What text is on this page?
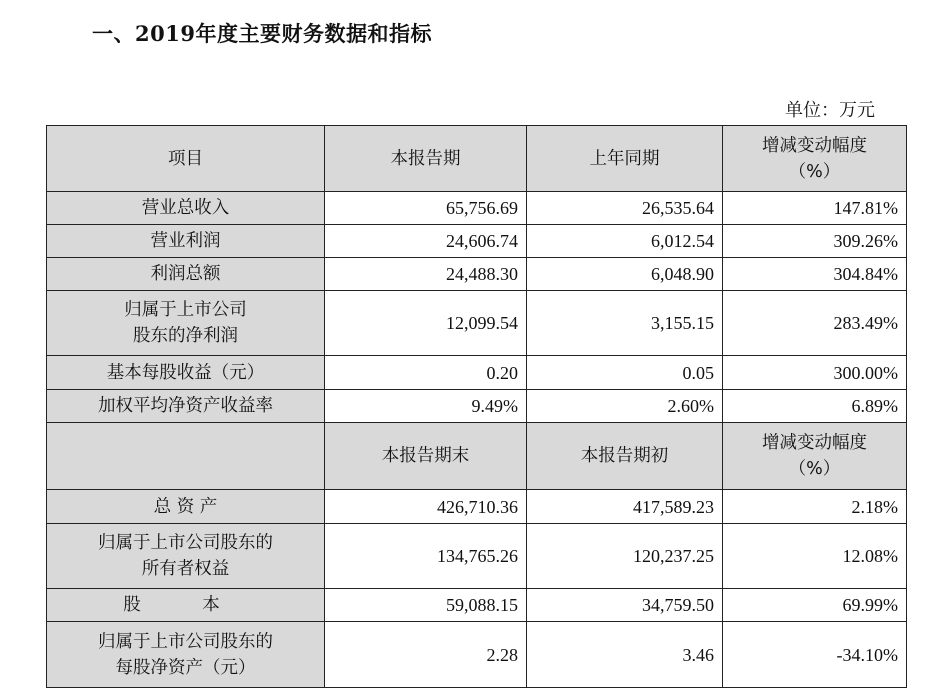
一、2019年度主要财务数据和指标
单位：万元
项目	本报告期	上年同期	增减变动幅度
（%）

营业总收入	65,756.69	26,535.64	147.81%
营业利润	24,606.74	6,012.54	309.26%
利润总额	24,488.30	6,048.90	304.84%

归属于上市公司
股东的净利润	12,099.54	3,155.15	283.49%
基本每股收益（元）	0.20	0.05	300.00%
加权平均净资产收益率	9.49%	2.60%	6.89%
	本报告期末	本报告期初	增减变动幅度
（%）

总 资 产	426,710.36	417,589.23	2.18%

归属于上市公司股东的
所有者权益	134,765.26	120,237.25	12.08%
股 本	59,088.15	34,759.50	69.99%

归属于上市公司股东的
每股净资产（元）	2.28	3.46	-34.10%
